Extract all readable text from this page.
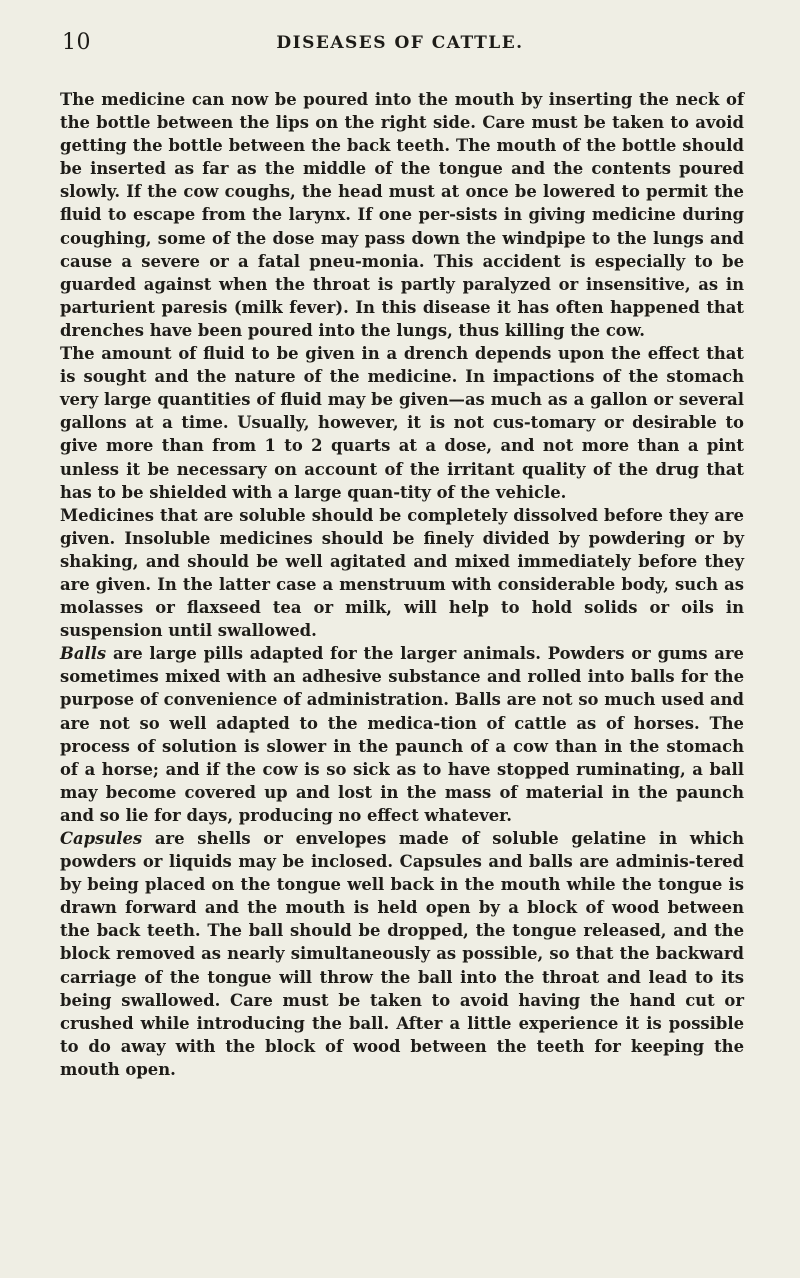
10	DISEASES OF CATTLE.

The medicine can now be poured into the mouth by inserting the neck of the bottle between the lips on the right side. Care must be taken to avoid getting the bottle between the back teeth. The mouth of the bottle should be inserted as far as the middle of the tongue and the contents poured slowly. If the cow coughs, the head must at once be lowered to permit the fluid to escape from the larynx. If one per-sists in giving medicine during coughing, some of the dose may pass down the windpipe to the lungs and cause a severe or a fatal pneu-monia. This accident is especially to be guarded against when the throat is partly paralyzed or insensitive, as in parturient paresis (milk fever). In this disease it has often happened that drenches have been poured into the lungs, thus killing the cow.

The amount of fluid to be given in a drench depends upon the effect that is sought and the nature of the medicine. In impactions of the stomach very large quantities of fluid may be given—as much as a gallon or several gallons at a time. Usually, however, it is not cus-tomary or desirable to give more than from 1 to 2 quarts at a dose, and not more than a pint unless it be necessary on account of the irritant quality of the drug that has to be shielded with a large quan-tity of the vehicle.

Medicines that are soluble should be completely dissolved before they are given. Insoluble medicines should be finely divided by powdering or by shaking, and should be well agitated and mixed immediately before they are given. In the latter case a menstruum with considerable body, such as molasses or flaxseed tea or milk, will help to hold solids or oils in suspension until swallowed.

Balls are large pills adapted for the larger animals. Powders or gums are sometimes mixed with an adhesive substance and rolled into balls for the purpose of convenience of administration. Balls are not so much used and are not so well adapted to the medica-tion of cattle as of horses. The process of solution is slower in the paunch of a cow than in the stomach of a horse; and if the cow is so sick as to have stopped ruminating, a ball may become covered up and lost in the mass of material in the paunch and so lie for days, producing no effect whatever.

Capsules are shells or envelopes made of soluble gelatine in which powders or liquids may be inclosed. Capsules and balls are adminis-tered by being placed on the tongue well back in the mouth while the tongue is drawn forward and the mouth is held open by a block of wood between the back teeth. The ball should be dropped, the tongue released, and the block removed as nearly simultaneously as possible, so that the backward carriage of the tongue will throw the ball into the throat and lead to its being swallowed. Care must be taken to avoid having the hand cut or crushed while introducing the ball. After a little experience it is possible to do away with the block of wood between the teeth for keeping the mouth open.
